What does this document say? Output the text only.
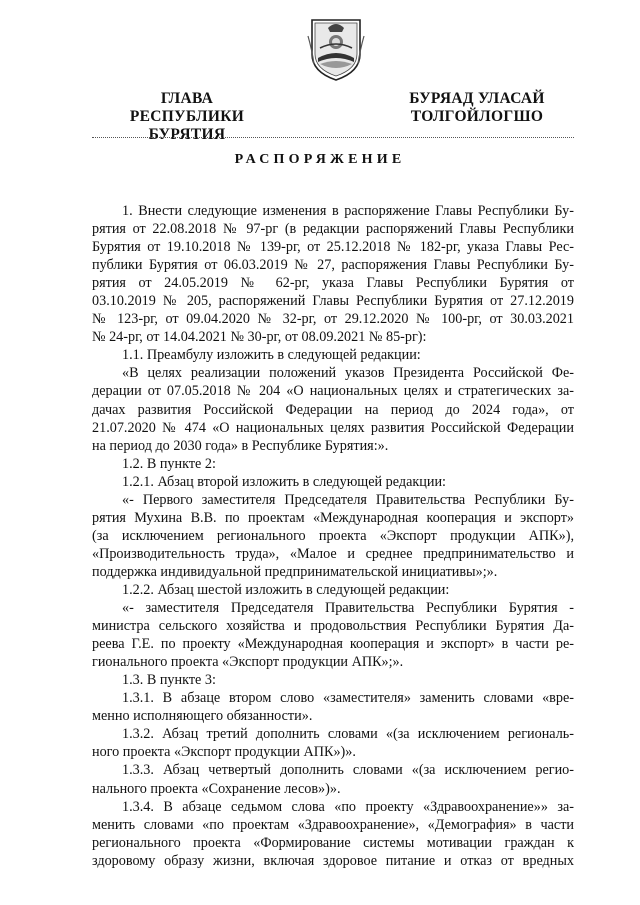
ГЛАВА
РЕСПУБЛИКИ БУРЯТИЯ
БУРЯАД УЛАСАЙ
ТОЛГОЙЛОГШО
РАСПОРЯЖЕНИЕ
1. Внести следующие изменения в распоряжение Главы Республики Бу-
рятия от 22.08.2018 № 97-рг (в редакции распоряжений Главы Республики
Бурятия от 19.10.2018 № 139-рг, от 25.12.2018 № 182-рг, указа Главы Рес-
публики Бурятия от 06.03.2019 № 27, распоряжения Главы Республики Бу-
рятия от 24.05.2019 № 62-рг, указа Главы Республики Бурятия от
03.10.2019 № 205, распоряжений Главы Республики Бурятия от 27.12.2019
№ 123-рг, от 09.04.2020 № 32-рг, от 29.12.2020 № 100-рг, от 30.03.2021
№ 24-рг, от 14.04.2021 № 30-рг, от 08.09.2021 № 85-рг):
1.1. Преамбулу изложить в следующей редакции:
«В целях реализации положений указов Президента Российской Фе-
дерации от 07.05.2018 № 204 «О национальных целях и стратегических за-
дачах развития Российской Федерации на период до 2024 года», от
21.07.2020 № 474 «О национальных целях развития Российской Федерации
на период до 2030 года» в Республике Бурятия:».
1.2. В пункте 2:
1.2.1. Абзац второй изложить в следующей редакции:
«- Первого заместителя Председателя Правительства Республики Бу-
рятия Мухина В.В. по проектам «Международная кооперация и экспорт»
(за исключением регионального проекта «Экспорт продукции АПК»),
«Производительность труда», «Малое и среднее предпринимательство и
поддержка индивидуальной предпринимательской инициативы»;».
1.2.2. Абзац шестой изложить в следующей редакции:
«- заместителя Председателя Правительства Республики Бурятия -
министра сельского хозяйства и продовольствия Республики Бурятия Да-
реева Г.Е. по проекту «Международная кооперация и экспорт» в части ре-
гионального проекта «Экспорт продукции АПК»;».
1.3. В пункте 3:
1.3.1. В абзаце втором слово «заместителя» заменить словами «вре-
менно исполняющего обязанности».
1.3.2. Абзац третий дополнить словами «(за исключением региональ-
ного проекта «Экспорт продукции АПК»)».
1.3.3. Абзац четвертый дополнить словами «(за исключением регио-
нального проекта «Сохранение лесов»)».
1.3.4. В абзаце седьмом слова «по проекту «Здравоохранение»» за-
менить словами «по проектам «Здравоохранение», «Демография» в части
регионального проекта «Формирование системы мотивации граждан к
здоровому образу жизни, включая здоровое питание и отказ от вредных
